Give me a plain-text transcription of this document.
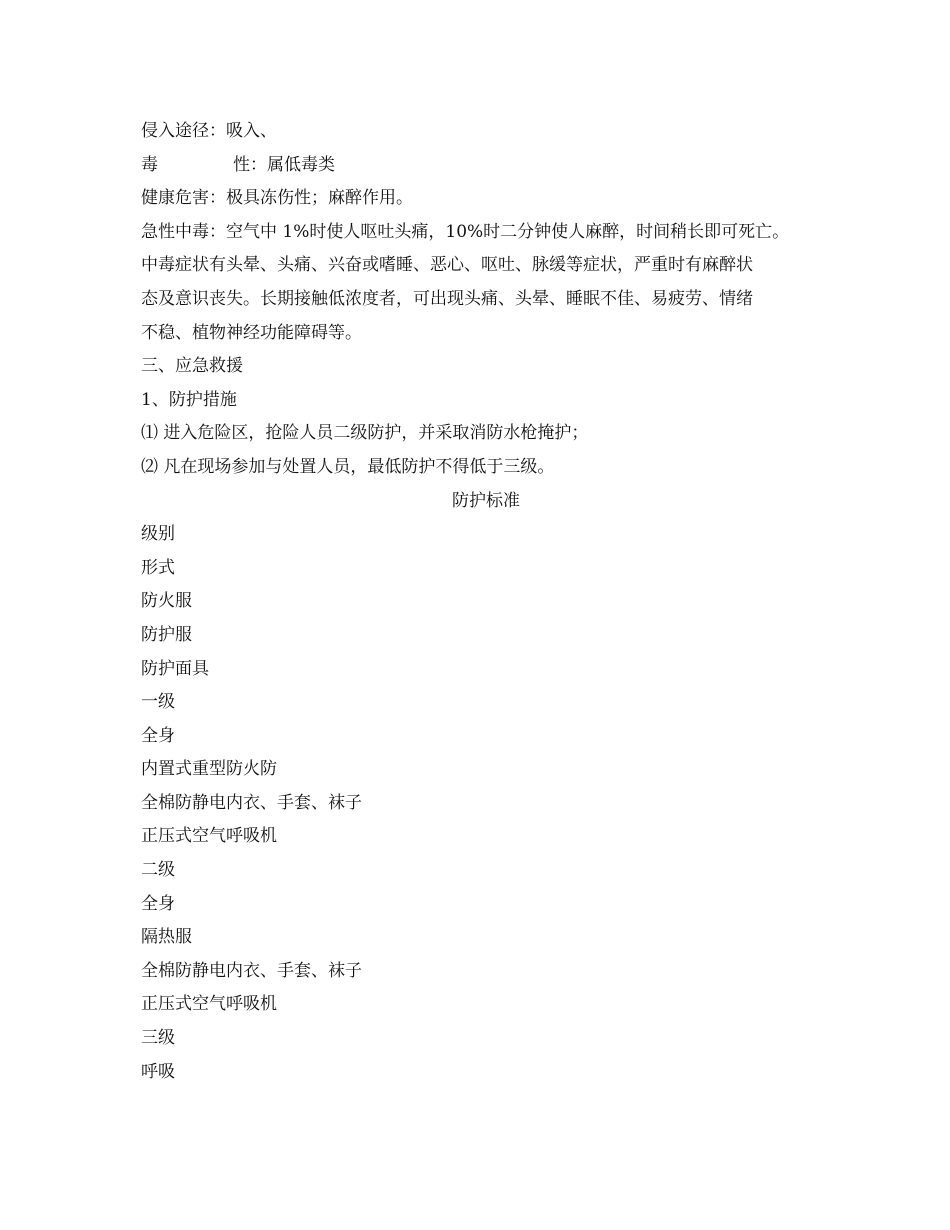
侵入途径：吸入、
毒	性：属低毒类
健康危害：极具冻伤性；麻醉作用。
急性中毒：空气中 1%时使人呕吐头痛，10%时二分钟使人麻醉，时间稍长即可死亡。
中毒症状有头晕、头痛、兴奋或嗜睡、恶心、呕吐、脉缓等症状，严重时有麻醉状
态及意识丧失。长期接触低浓度者，可出现头痛、头晕、睡眠不佳、易疲劳、情绪
不稳、植物神经功能障碍等。
三、应急救援
1、防护措施
⑴ 进入危险区，抢险人员二级防护，并采取消防水枪掩护；
⑵ 凡在现场参加与处置人员，最低防护不得低于三级。
防护标准
级别
形式
防火服
防护服
防护面具
一级
全身
内置式重型防火防
全棉防静电内衣、手套、袜子
正压式空气呼吸机
二级
全身
隔热服
全棉防静电内衣、手套、袜子
正压式空气呼吸机
三级
呼吸
